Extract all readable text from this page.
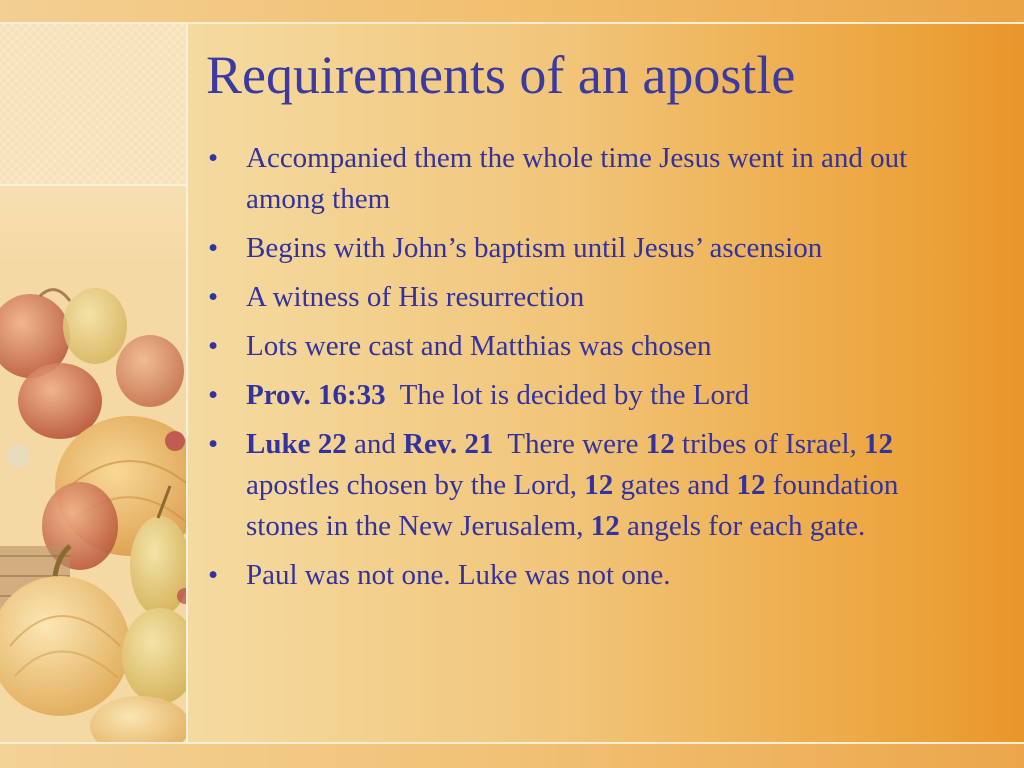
Requirements of an apostle
• Accompanied them the whole time Jesus went in and out among them
• Begins with John’s baptism until Jesus’ ascension
• A witness of His resurrection
• Lots were cast and Matthias was chosen
• Prov. 16:33  The lot is decided by the Lord
• Luke 22 and Rev. 21  There were 12 tribes of Israel, 12 apostles chosen by the Lord, 12 gates and 12 foundation stones in the New Jerusalem, 12 angels for each gate.
• Paul was not one. Luke was not one.
